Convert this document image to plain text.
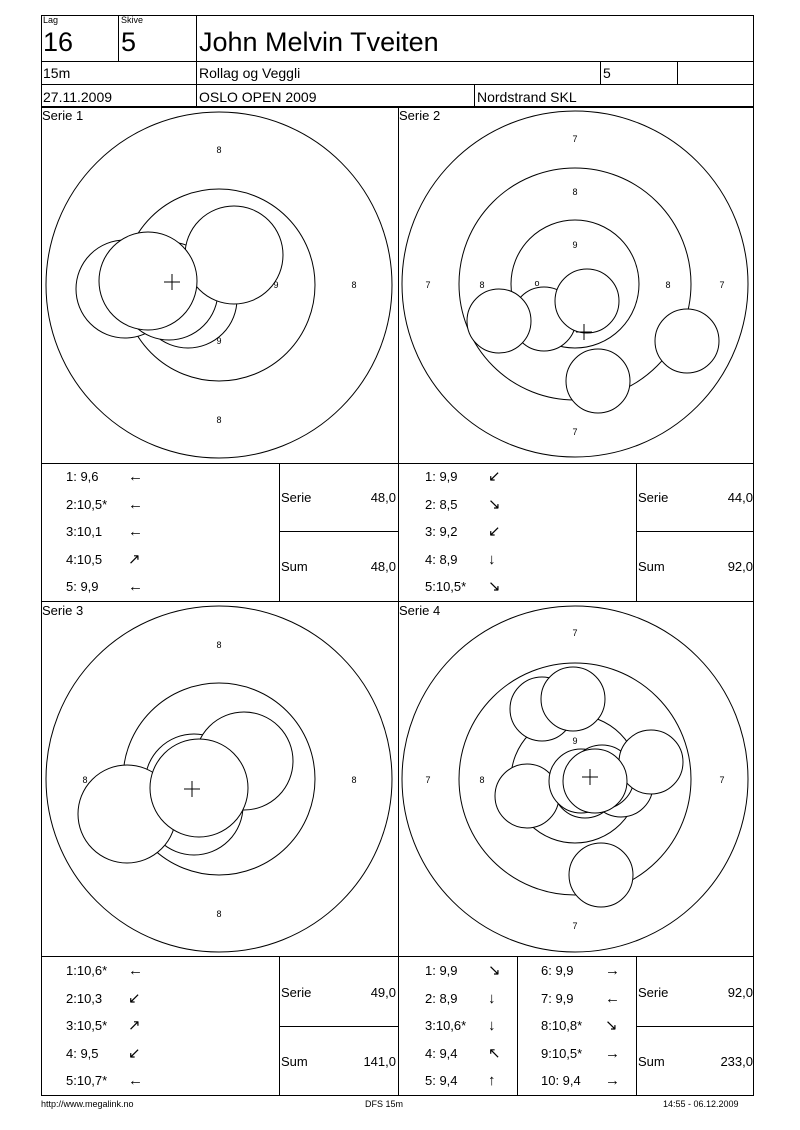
Lag
16
Skive
5 John Melvin Tveiten
15m	Rollag og Veggli	5
27.11.2009	OSLO OPEN 2009	Nordstrand SKL
Serie 1	Serie 2
Serie 3	Serie 4
8
8
9
9
8
7
8
9
8	8
7	7
7
o
8
8	8
8
7
9
7	8	7
7
1: 9,6 ←
2:10,5* ←
3:10,1 ←
4:10,5 ↗
5: 9,9 ←
Serie	48,0
Sum	48,0
1: 9,9 ↙
2: 8,5 ↘
3: 9,2 ↙
4: 8,9 ↓
5:10,5* ↘
Serie	44,0
Sum	92,0
1:10,6* ←
2:10,3 ↙
3:10,5* ↗
4: 9,5 ↙
5:10,7* ←
Serie	49,0
Sum	141,0
1: 9,9 ↘
2: 8,9 ↓
3:10,6* ↓
4: 9,4 ↖
5: 9,4 ↑
Serie	92,0
Sum	233,0
6: 9,9 →
7: 9,9 ←
8:10,8* ↘
9:10,5* →
10: 9,4 →
http://www.megalink.no	DFS 15m	14:55 - 06.12.2009
